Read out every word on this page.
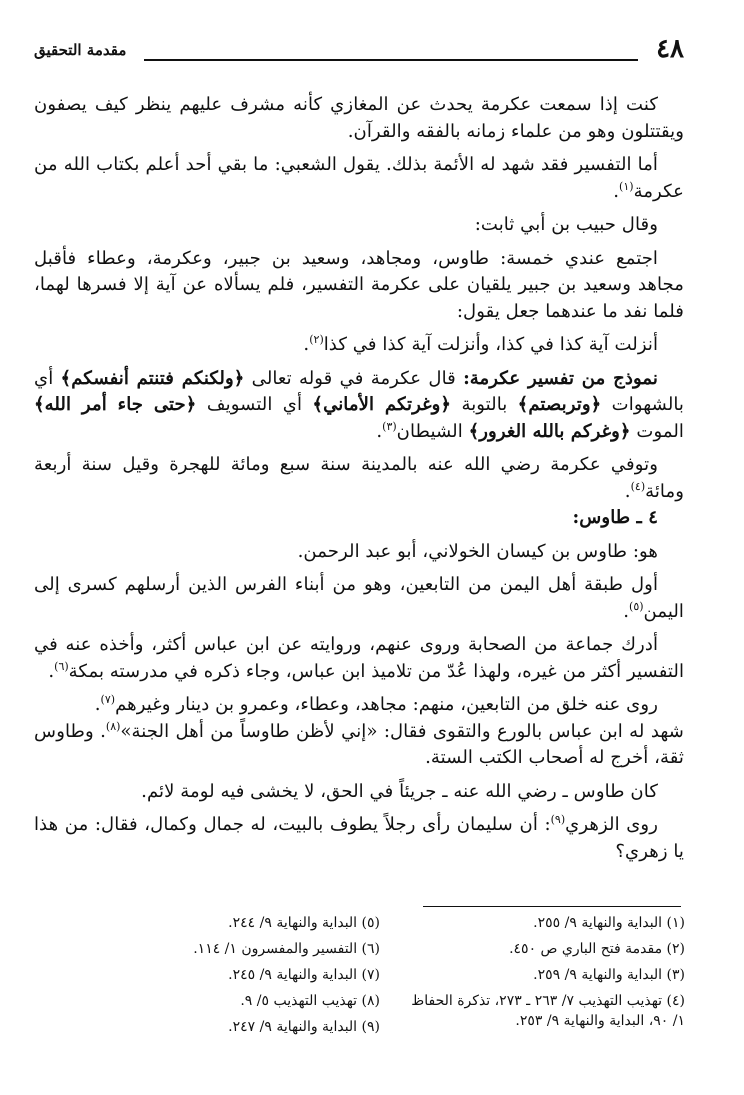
٤٨
مقدمة التحقيق

كنت إذا سمعت عكرمة يحدث عن المغازي كأنه مشرف عليهم ينظر كيف يصفون ويقتتلون وهو من علماء زمانه بالفقه والقرآن.

أما التفسير فقد شهد له الأئمة بذلك. يقول الشعبي: ما بقي أحد أعلم بكتاب الله من عكرمة$^{(١)}$.

وقال حبيب بن أبي ثابت:

اجتمع عندي خمسة: طاوس، ومجاهد، وسعيد بن جبير، وعكرمة، وعطاء فأقبل مجاهد وسعيد بن جبير يلقيان على عكرمة التفسير، فلم يسألاه عن آية إلا فسرها لهما، فلما نفد ما عندهما جعل يقول:

أنزلت آية كذا في كذا، وأنزلت آية كذا في كذا$^{(٢)}$.

نموذج من تفسير عكرمة: قال عكرمة في قوله تعالى ﴿ولكنكم فتنتم أنفسكم﴾ أي بالشهوات ﴿وتربصتم﴾ بالتوبة ﴿وغرتكم الأماني﴾ أي التسويف ﴿حتى جاء أمر الله﴾ الموت ﴿وغركم بالله الغرور﴾ الشيطان$^{(٣)}$.

وتوفي عكرمة رضي الله عنه بالمدينة سنة سبع ومائة للهجرة وقيل سنة أربعة ومائة$^{(٤)}$.

٤ ـ طاوس:

هو: طاوس بن كيسان الخولاني، أبو عبد الرحمن.

أول طبقة أهل اليمن من التابعين، وهو من أبناء الفرس الذين أرسلهم كسرى إلى اليمن$^{(٥)}$.

أدرك جماعة من الصحابة وروى عنهم، وروايته عن ابن عباس أكثر، وأخذه عنه في التفسير أكثر من غيره، ولهذا عُدّ من تلاميذ ابن عباس، وجاء ذكره في مدرسته بمكة$^{(٦)}$.

روى عنه خلق من التابعين، منهم: مجاهد، وعطاء، وعمرو بن دينار وغيرهم$^{(٧)}$.

شهد له ابن عباس بالورع والتقوى فقال: «إني لأظن طاوساً من أهل الجنة»$^{(٨)}$. وطاوس ثقة، أخرج له أصحاب الكتب الستة.

كان طاوس ـ رضي الله عنه ـ جريئاً في الحق، لا يخشى فيه لومة لائم.

روى الزهري$^{(٩)}$: أن سليمان رأى رجلاً يطوف بالبيت، له جمال وكمال، فقال: من هذا يا زهري؟

(١) البداية والنهاية ٩/ ٢٥٥.

(٢) مقدمة فتح الباري ص ٤٥٠.

(٣) البداية والنهاية ٩/ ٢٥٩.

(٤) تهذيب التهذيب ٧/ ٢٦٣ ـ ٢٧٣، تذكرة الحفاظ ١/ ٩٠، البداية والنهاية ٩/ ٢٥٣.

(٥) البداية والنهاية ٩/ ٢٤٤.

(٦) التفسير والمفسرون ١/ ١١٤.

(٧) البداية والنهاية ٩/ ٢٤٥.

(٨) تهذيب التهذيب ٥/ ٩.

(٩) البداية والنهاية ٩/ ٢٤٧.
